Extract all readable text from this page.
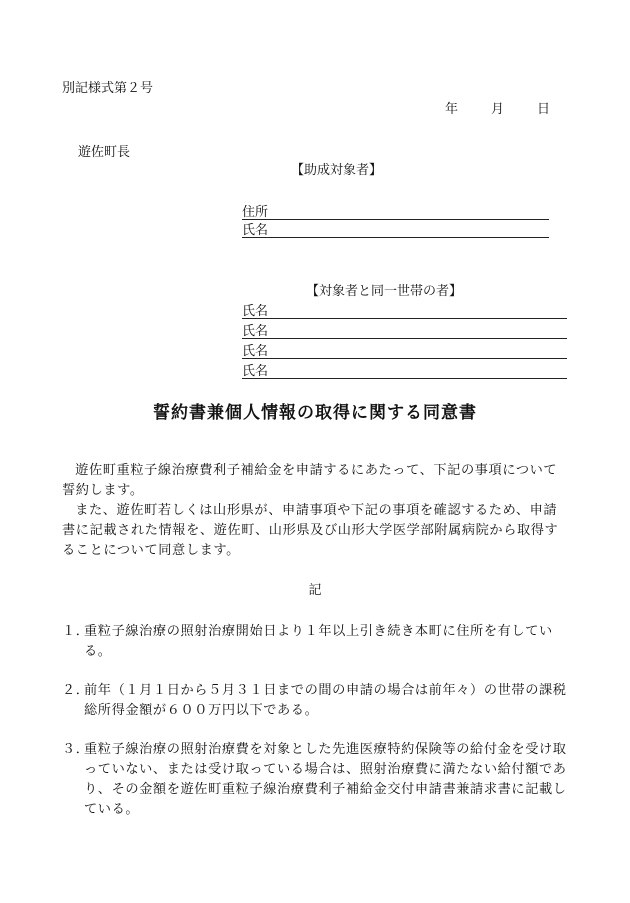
別記様式第２号
年	月	日
遊佐町長
【助成対象者】
住所
氏名
【対象者と同一世帯の者】
氏名
氏名
氏名
氏名
誓約書兼個人情報の取得に関する同意書
遊佐町重粒子線治療費利子補給金を申請するにあたって、下記の事項について誓約します。
また、遊佐町若しくは山形県が、申請事項や下記の事項を確認するため、申請書に記載された情報を、遊佐町、山形県及び山形大学医学部附属病院から取得することについて同意します。
記
１．
重粒子線治療の照射治療開始日より１年以上引き続き本町に住所を有している。
２．
前年（１月１日から５月３１日までの間の申請の場合は前年々）の世帯の課税総所得金額が６００万円以下である。
３．
重粒子線治療の照射治療費を対象とした先進医療特約保険等の給付金を受け取っていない、または受け取っている場合は、照射治療費に満たない給付額であり、その金額を遊佐町重粒子線治療費利子補給金交付申請書兼請求書に記載している。
